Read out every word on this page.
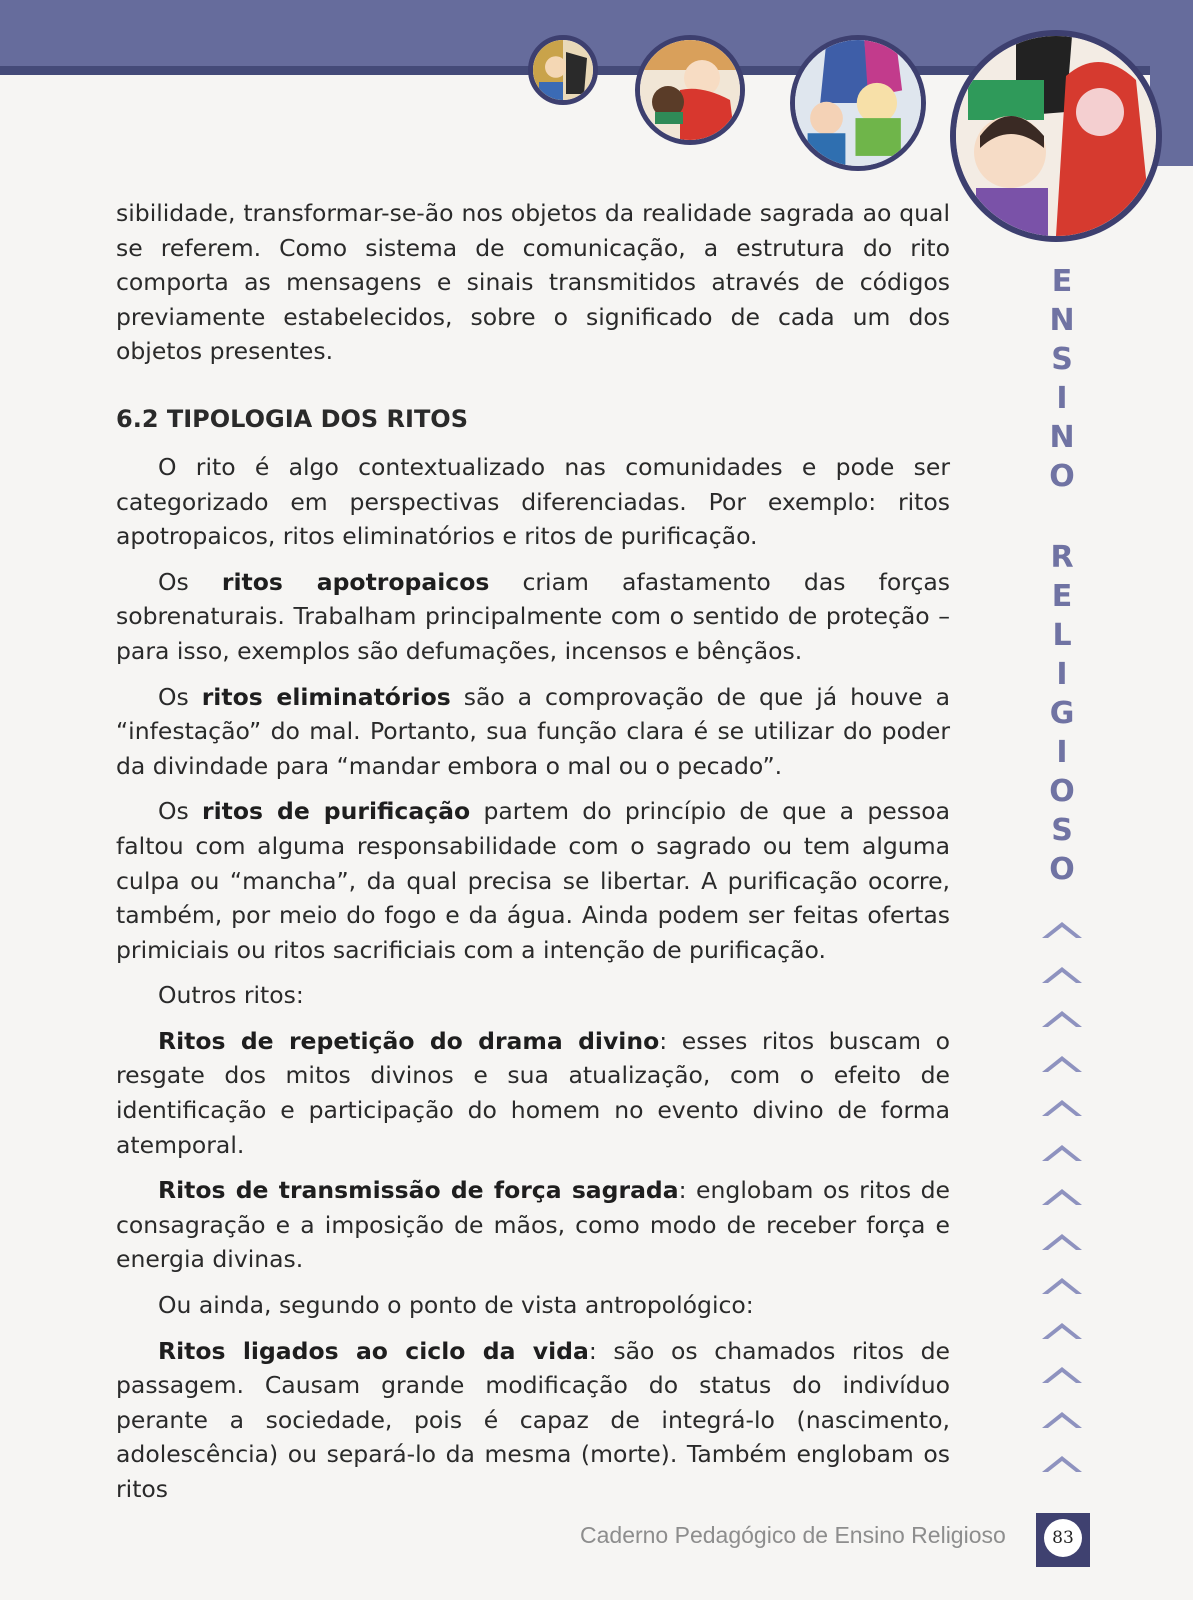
E
N
S
I
N
O
R
E
L
I
G
I
O
S
O

sibilidade, transformar-se-ão nos objetos da realidade sagrada ao qual se referem. Como sistema de comunicação, a estrutura do rito comporta as mensagens e sinais transmitidos através de códigos previamente estabelecidos, sobre o significado de cada um dos objetos presentes.

6.2 TIPOLOGIA DOS RITOS

O rito é algo contextualizado nas comunidades e pode ser categorizado em perspectivas diferenciadas. Por exemplo: ritos apotropaicos, ritos eliminatórios e ritos de purificação.

Os ritos apotropaicos criam afastamento das forças sobrenaturais. Trabalham principalmente com o sentido de proteção – para isso, exemplos são defumações, incensos e bênçãos.

Os ritos eliminatórios são a comprovação de que já houve a “infestação” do mal. Portanto, sua função clara é se utilizar do poder da divindade para “mandar embora o mal ou o pecado”.

Os ritos de purificação partem do princípio de que a pessoa faltou com alguma responsabilidade com o sagrado ou tem alguma culpa ou “mancha”, da qual precisa se libertar. A purificação ocorre, também, por meio do fogo e da água. Ainda podem ser feitas ofertas primiciais ou ritos sacrificiais com a intenção de purificação.

Outros ritos:

Ritos de repetição do drama divino: esses ritos buscam o resgate dos mitos divinos e sua atualização, com o efeito de identificação e participação do homem no evento divino de forma atemporal.

Ritos de transmissão de força sagrada: englobam os ritos de consagração e a imposição de mãos, como modo de receber força e energia divinas.

Ou ainda, segundo o ponto de vista antropológico:

Ritos ligados ao ciclo da vida: são os chamados ritos de passagem. Causam grande modificação do status do indivíduo perante a sociedade, pois é capaz de integrá-lo (nascimento, adolescência) ou separá-lo da mesma (morte). Também englobam os ritos

Caderno Pedagógico de Ensino Religioso	83
